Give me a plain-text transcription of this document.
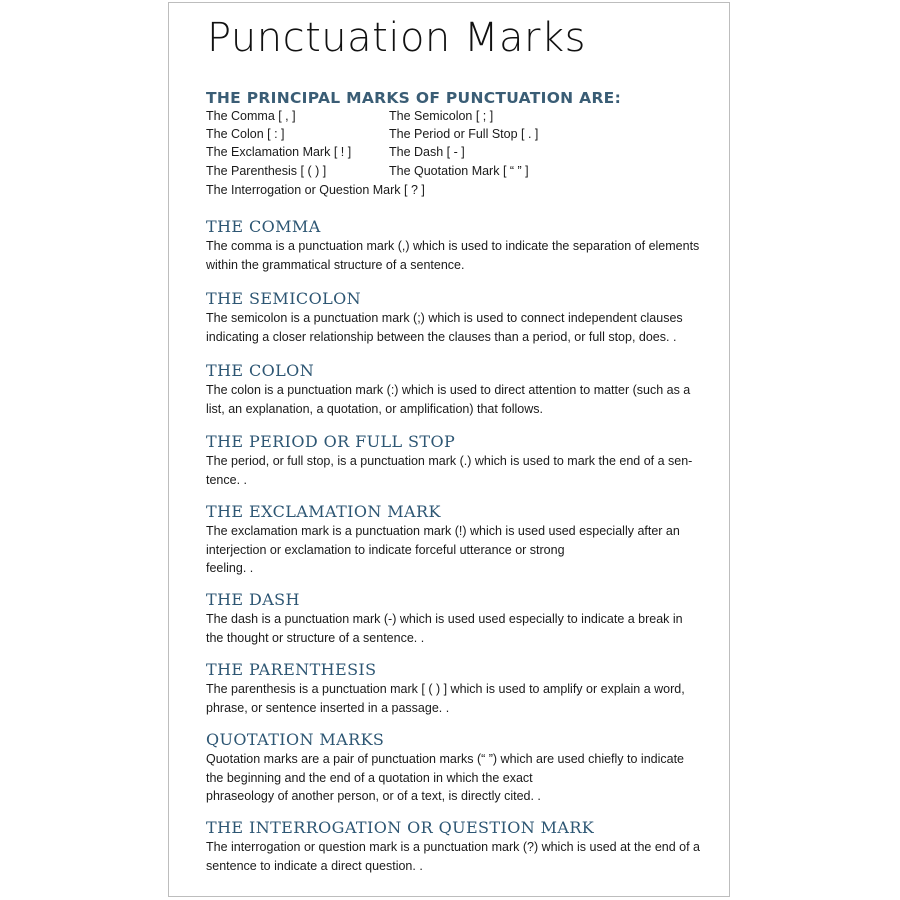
Punctuation Marks
THE PRINCIPAL MARKS OF PUNCTUATION ARE:
The Comma [ , ]	The Semicolon [ ; ]
The Colon [ : ]	The Period or Full Stop [ . ]
The Exclamation Mark [ ! ]	The Dash [ - ]
The Parenthesis [ ( ) ]	The Quotation Mark [ “ ” ]
The Interrogation or Question Mark [ ? ]
THE COMMA

The comma is a punctuation mark (,) which is used to indicate the separation of elements
within the grammatical structure of a sentence.

THE SEMICOLON

The semicolon is a punctuation mark (;) which is used to connect independent clauses
indicating a closer relationship between the clauses than a period, or full stop, does. .

THE COLON

The colon is a punctuation mark (:) which is used to direct attention to matter (such as a
list, an explanation, a quotation, or amplification) that follows.

THE PERIOD OR FULL STOP

The period, or full stop, is a punctuation mark (.) which is used to mark the end of a sen-
tence. .

THE EXCLAMATION MARK

The exclamation mark is a punctuation mark (!) which is used used especially after an
interjection or exclamation to indicate forceful utterance or strong
feeling. .

THE DASH

The dash is a punctuation mark (-) which is used used especially to indicate a break in
the thought or structure of a sentence. .

THE PARENTHESIS

The parenthesis is a punctuation mark [ ( ) ] which is used to amplify or explain a word,
phrase, or sentence inserted in a passage. .

QUOTATION MARKS

Quotation marks are a pair of punctuation marks (“ ”) which are used chiefly to indicate
the beginning and the end of a quotation in which the exact
phraseology of another person, or of a text, is directly cited. .

THE INTERROGATION OR QUESTION MARK

The interrogation or question mark is a punctuation mark (?) which is used at the end of a
sentence to indicate a direct question. .
